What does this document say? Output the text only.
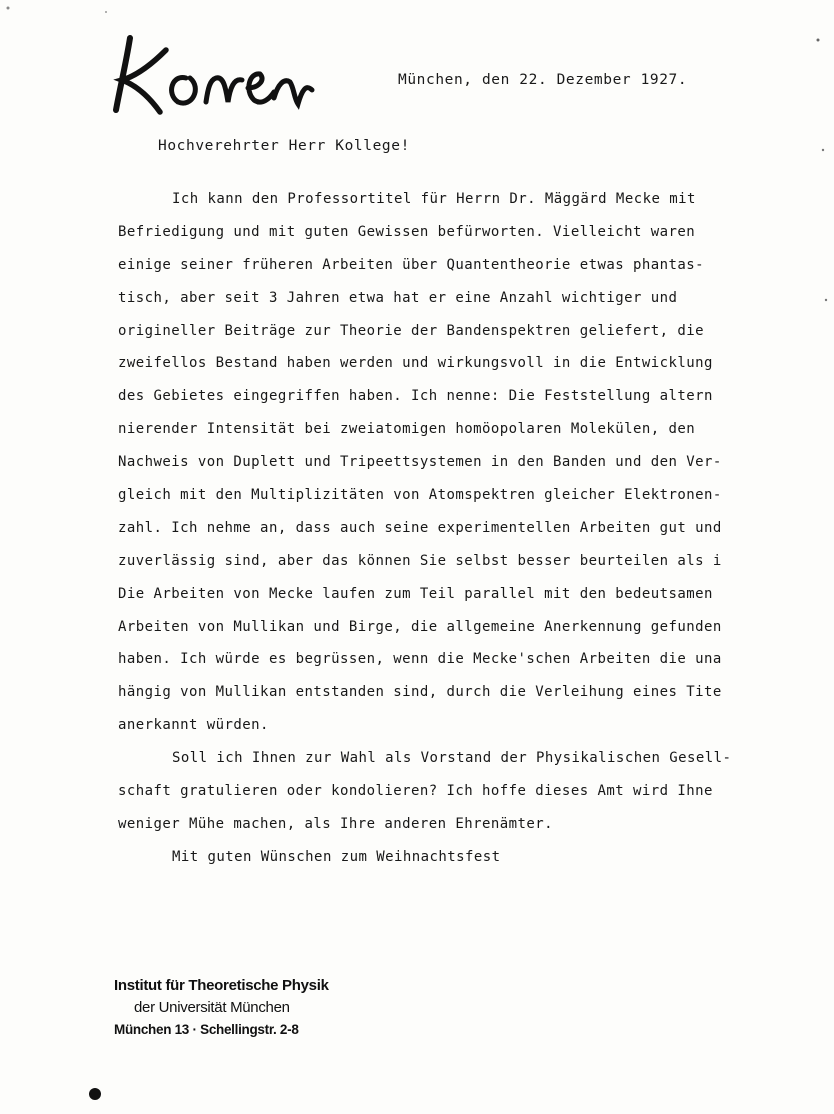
München, den 22. Dezember 1927.
Hochverehrter Herr Kollege!
Ich kann den Professortitel für Herrn Dr. Mäggärd Mecke mit
Befriedigung und mit guten Gewissen befürworten. Vielleicht waren
einige seiner früheren Arbeiten über Quantentheorie etwas phantas-
tisch, aber seit 3 Jahren etwa hat er eine Anzahl wichtiger und
origineller Beiträge zur Theorie der Bandenspektren geliefert, die
zweifellos Bestand haben werden und wirkungsvoll in die Entwicklung
des Gebietes eingegriffen haben. Ich nenne: Die Feststellung altern
nierender Intensität bei zweiatomigen homöopolaren Molekülen, den
Nachweis von Duplett und Tripeettsystemen in den Banden und den Ver-
gleich mit den Multiplizitäten von Atomspektren gleicher Elektronen-
zahl. Ich nehme an, dass auch seine experimentellen Arbeiten gut und
zuverlässig sind, aber das können Sie selbst besser beurteilen als i
Die Arbeiten von Mecke laufen zum Teil parallel mit den bedeutsamen
Arbeiten von Mullikan und Birge, die allgemeine Anerkennung gefunden
haben. Ich würde es begrüssen, wenn die Mecke'schen Arbeiten die una
hängig von Mullikan entstanden sind, durch die Verleihung eines Tite
anerkannt würden.
Soll ich Ihnen zur Wahl als Vorstand der Physikalischen Gesell-
schaft gratulieren oder kondolieren? Ich hoffe dieses Amt wird Ihne
weniger Mühe machen, als Ihre anderen Ehrenämter.
Mit guten Wünschen zum Weihnachtsfest
Institut für Theoretische Physik
der Universität München
München 13 · Schellingstr. 2-8
